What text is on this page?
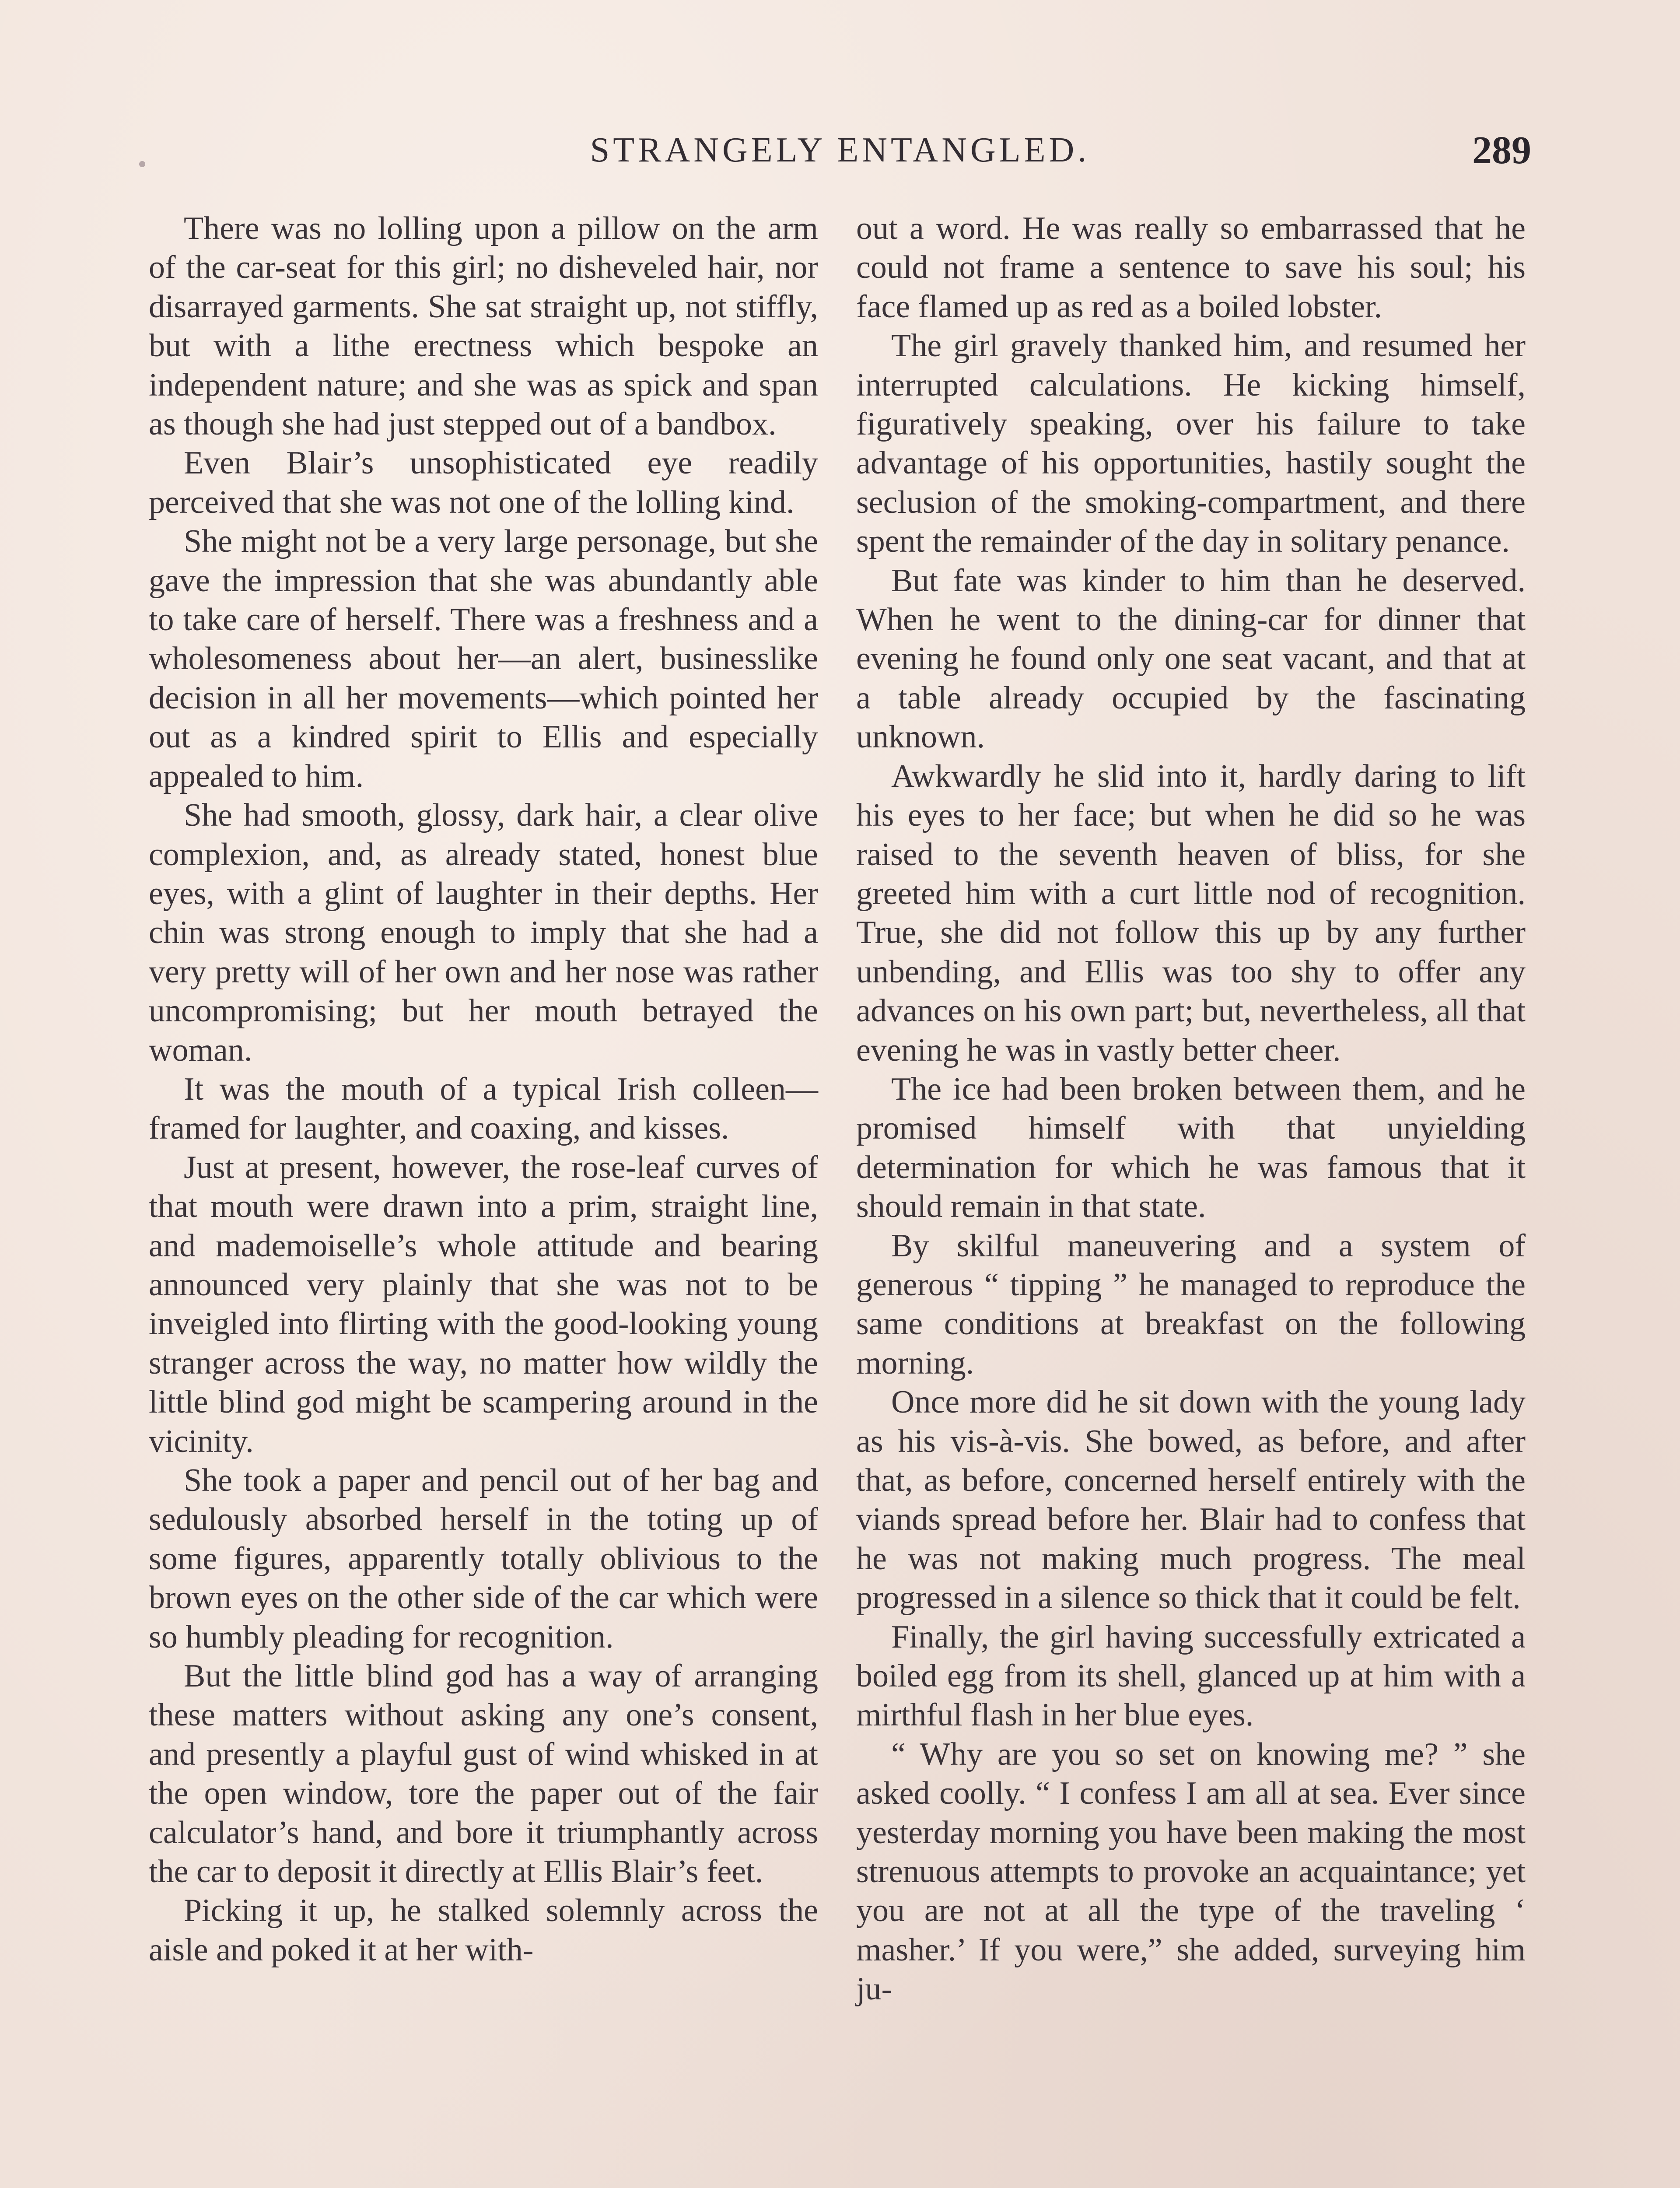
STRANGELY ENTANGLED.	289

There was no lolling upon a pillow on the arm of the car-seat for this girl; no disheveled hair, nor disarrayed garments. She sat straight up, not stiffly, but with a lithe erectness which bespoke an independent nature; and she was as spick and span as though she had just stepped out of a bandbox.

Even Blair’s unsophisticated eye readily perceived that she was not one of the lolling kind.

She might not be a very large personage, but she gave the impression that she was abundantly able to take care of herself. There was a freshness and a wholesomeness about her—an alert, businesslike decision in all her movements—which pointed her out as a kindred spirit to Ellis and especially appealed to him.

She had smooth, glossy, dark hair, a clear olive complexion, and, as already stated, honest blue eyes, with a glint of laughter in their depths. Her chin was strong enough to imply that she had a very pretty will of her own and her nose was rather uncompromising; but her mouth betrayed the woman.

It was the mouth of a typical Irish colleen—framed for laughter, and coaxing, and kisses.

Just at present, however, the rose-leaf curves of that mouth were drawn into a prim, straight line, and mademoiselle’s whole attitude and bearing announced very plainly that she was not to be inveigled into flirting with the good-looking young stranger across the way, no matter how wildly the little blind god might be scampering around in the vicinity.

She took a paper and pencil out of her bag and sedulously absorbed herself in the toting up of some figures, apparently totally oblivious to the brown eyes on the other side of the car which were so humbly pleading for recognition.

But the little blind god has a way of arranging these matters without asking any one’s consent, and presently a playful gust of wind whisked in at the open window, tore the paper out of the fair calculator’s hand, and bore it triumphantly across the car to deposit it directly at Ellis Blair’s feet.

Picking it up, he stalked solemnly across the aisle and poked it at her with-

out a word. He was really so embarrassed that he could not frame a sentence to save his soul; his face flamed up as red as a boiled lobster.

The girl gravely thanked him, and resumed her interrupted calculations. He kicking himself, figuratively speaking, over his failure to take advantage of his opportunities, hastily sought the seclusion of the smoking-compartment, and there spent the remainder of the day in solitary penance.

But fate was kinder to him than he deserved. When he went to the dining-car for dinner that evening he found only one seat vacant, and that at a table already occupied by the fascinating unknown.

Awkwardly he slid into it, hardly daring to lift his eyes to her face; but when he did so he was raised to the seventh heaven of bliss, for she greeted him with a curt little nod of recognition. True, she did not follow this up by any further unbending, and Ellis was too shy to offer any advances on his own part; but, nevertheless, all that evening he was in vastly better cheer.

The ice had been broken between them, and he promised himself with that unyielding determination for which he was famous that it should remain in that state.

By skilful maneuvering and a system of generous “ tipping ” he managed to reproduce the same conditions at breakfast on the following morning.

Once more did he sit down with the young lady as his vis-à-vis. She bowed, as before, and after that, as before, concerned herself entirely with the viands spread before her. Blair had to confess that he was not making much progress. The meal progressed in a silence so thick that it could be felt.

Finally, the girl having successfully extricated a boiled egg from its shell, glanced up at him with a mirthful flash in her blue eyes.

“ Why are you so set on knowing me? ” she asked coolly. “ I confess I am all at sea. Ever since yesterday morning you have been making the most strenuous attempts to provoke an acquaintance; yet you are not at all the type of the traveling ‘ masher.’ If you were,” she added, surveying him ju-
